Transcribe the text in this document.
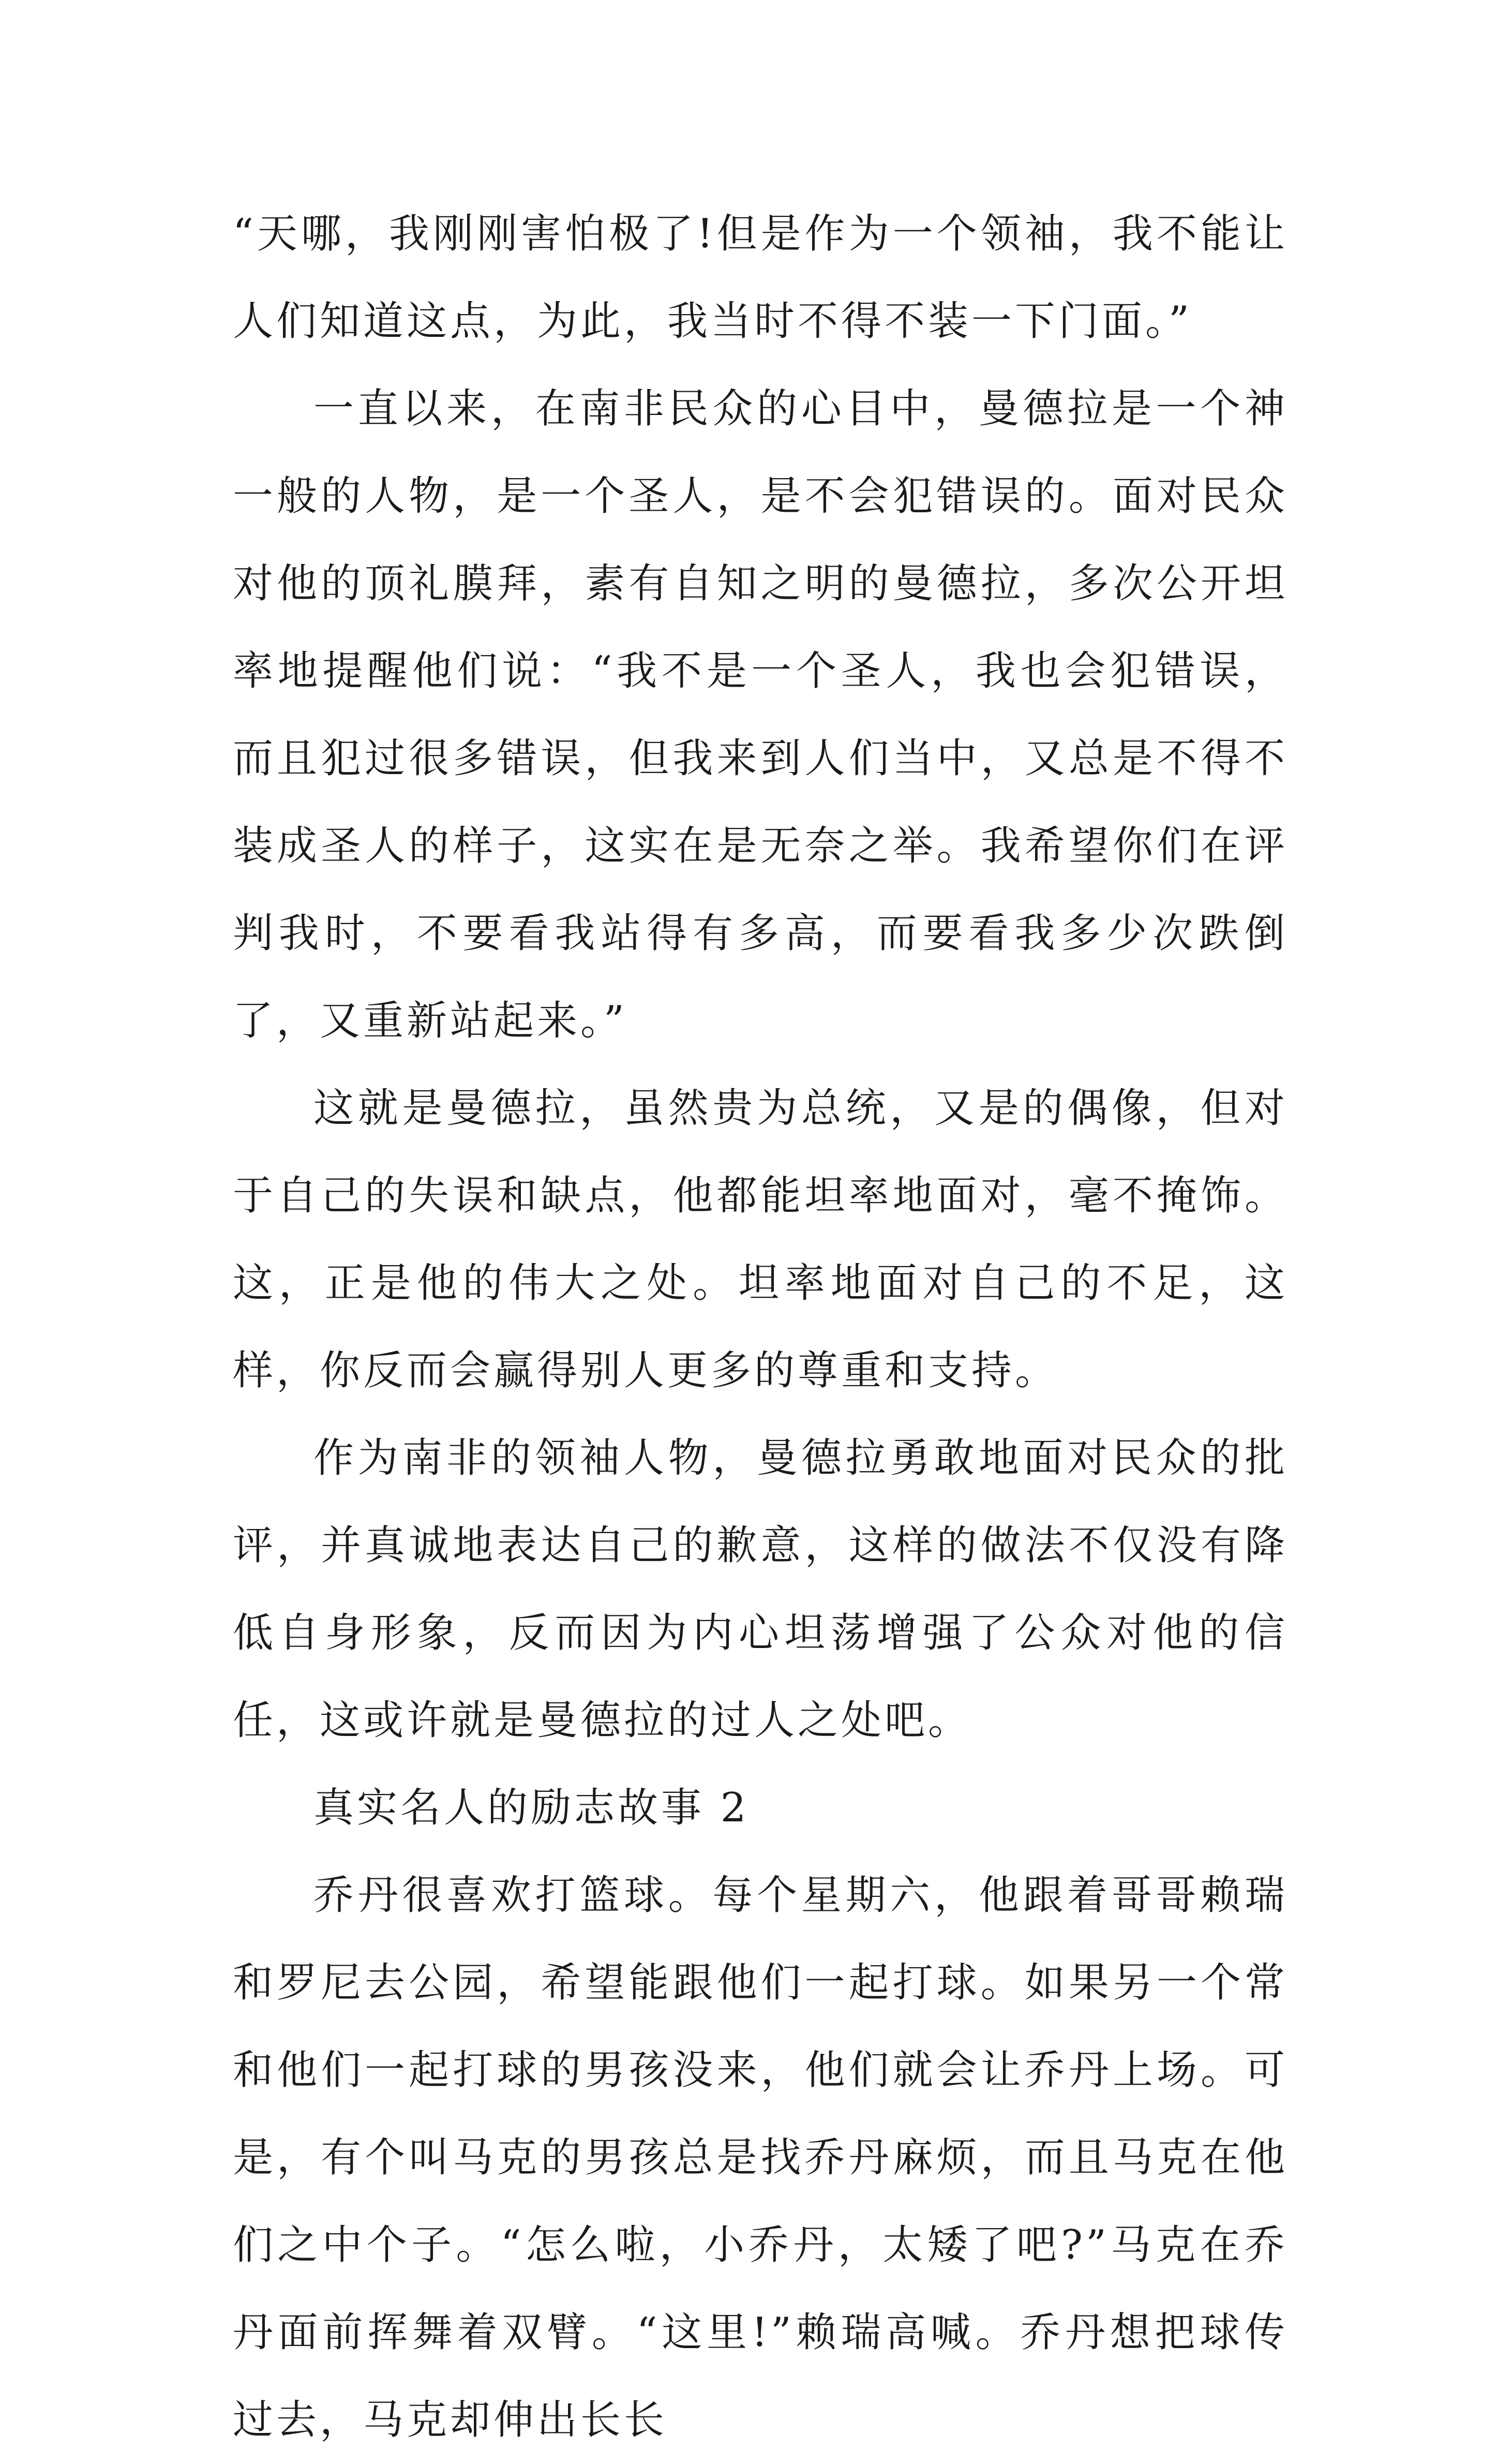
“天哪，我刚刚害怕极了!但是作为一个领袖，我不能让人们知道这点，为此，我当时不得不装一下门面。”

一直以来，在南非民众的心目中，曼德拉是一个神一般的人物，是一个圣人，是不会犯错误的。面对民众对他的顶礼膜拜，素有自知之明的曼德拉，多次公开坦率地提醒他们说：“我不是一个圣人，我也会犯错误，而且犯过很多错误，但我来到人们当中，又总是不得不装成圣人的样子，这实在是无奈之举。我希望你们在评判我时，不要看我站得有多高，而要看我多少次跌倒了，又重新站起来。”

这就是曼德拉，虽然贵为总统，又是的偶像，但对于自己的失误和缺点，他都能坦率地面对，毫不掩饰。这，正是他的伟大之处。坦率地面对自己的不足，这样，你反而会赢得别人更多的尊重和支持。

作为南非的领袖人物，曼德拉勇敢地面对民众的批评，并真诚地表达自己的歉意，这样的做法不仅没有降低自身形象，反而因为内心坦荡增强了公众对他的信任，这或许就是曼德拉的过人之处吧。

真实名人的励志故事 2

乔丹很喜欢打篮球。每个星期六，他跟着哥哥赖瑞和罗尼去公园，希望能跟他们一起打球。如果另一个常和他们一起打球的男孩没来，他们就会让乔丹上场。可是，有个叫马克的男孩总是找乔丹麻烦，而且马克在他们之中个子。“怎么啦，小乔丹，太矮了吧?”马克在乔丹面前挥舞着双臂。“这里!”赖瑞高喊。乔丹想把球传过去，马克却伸出长长
